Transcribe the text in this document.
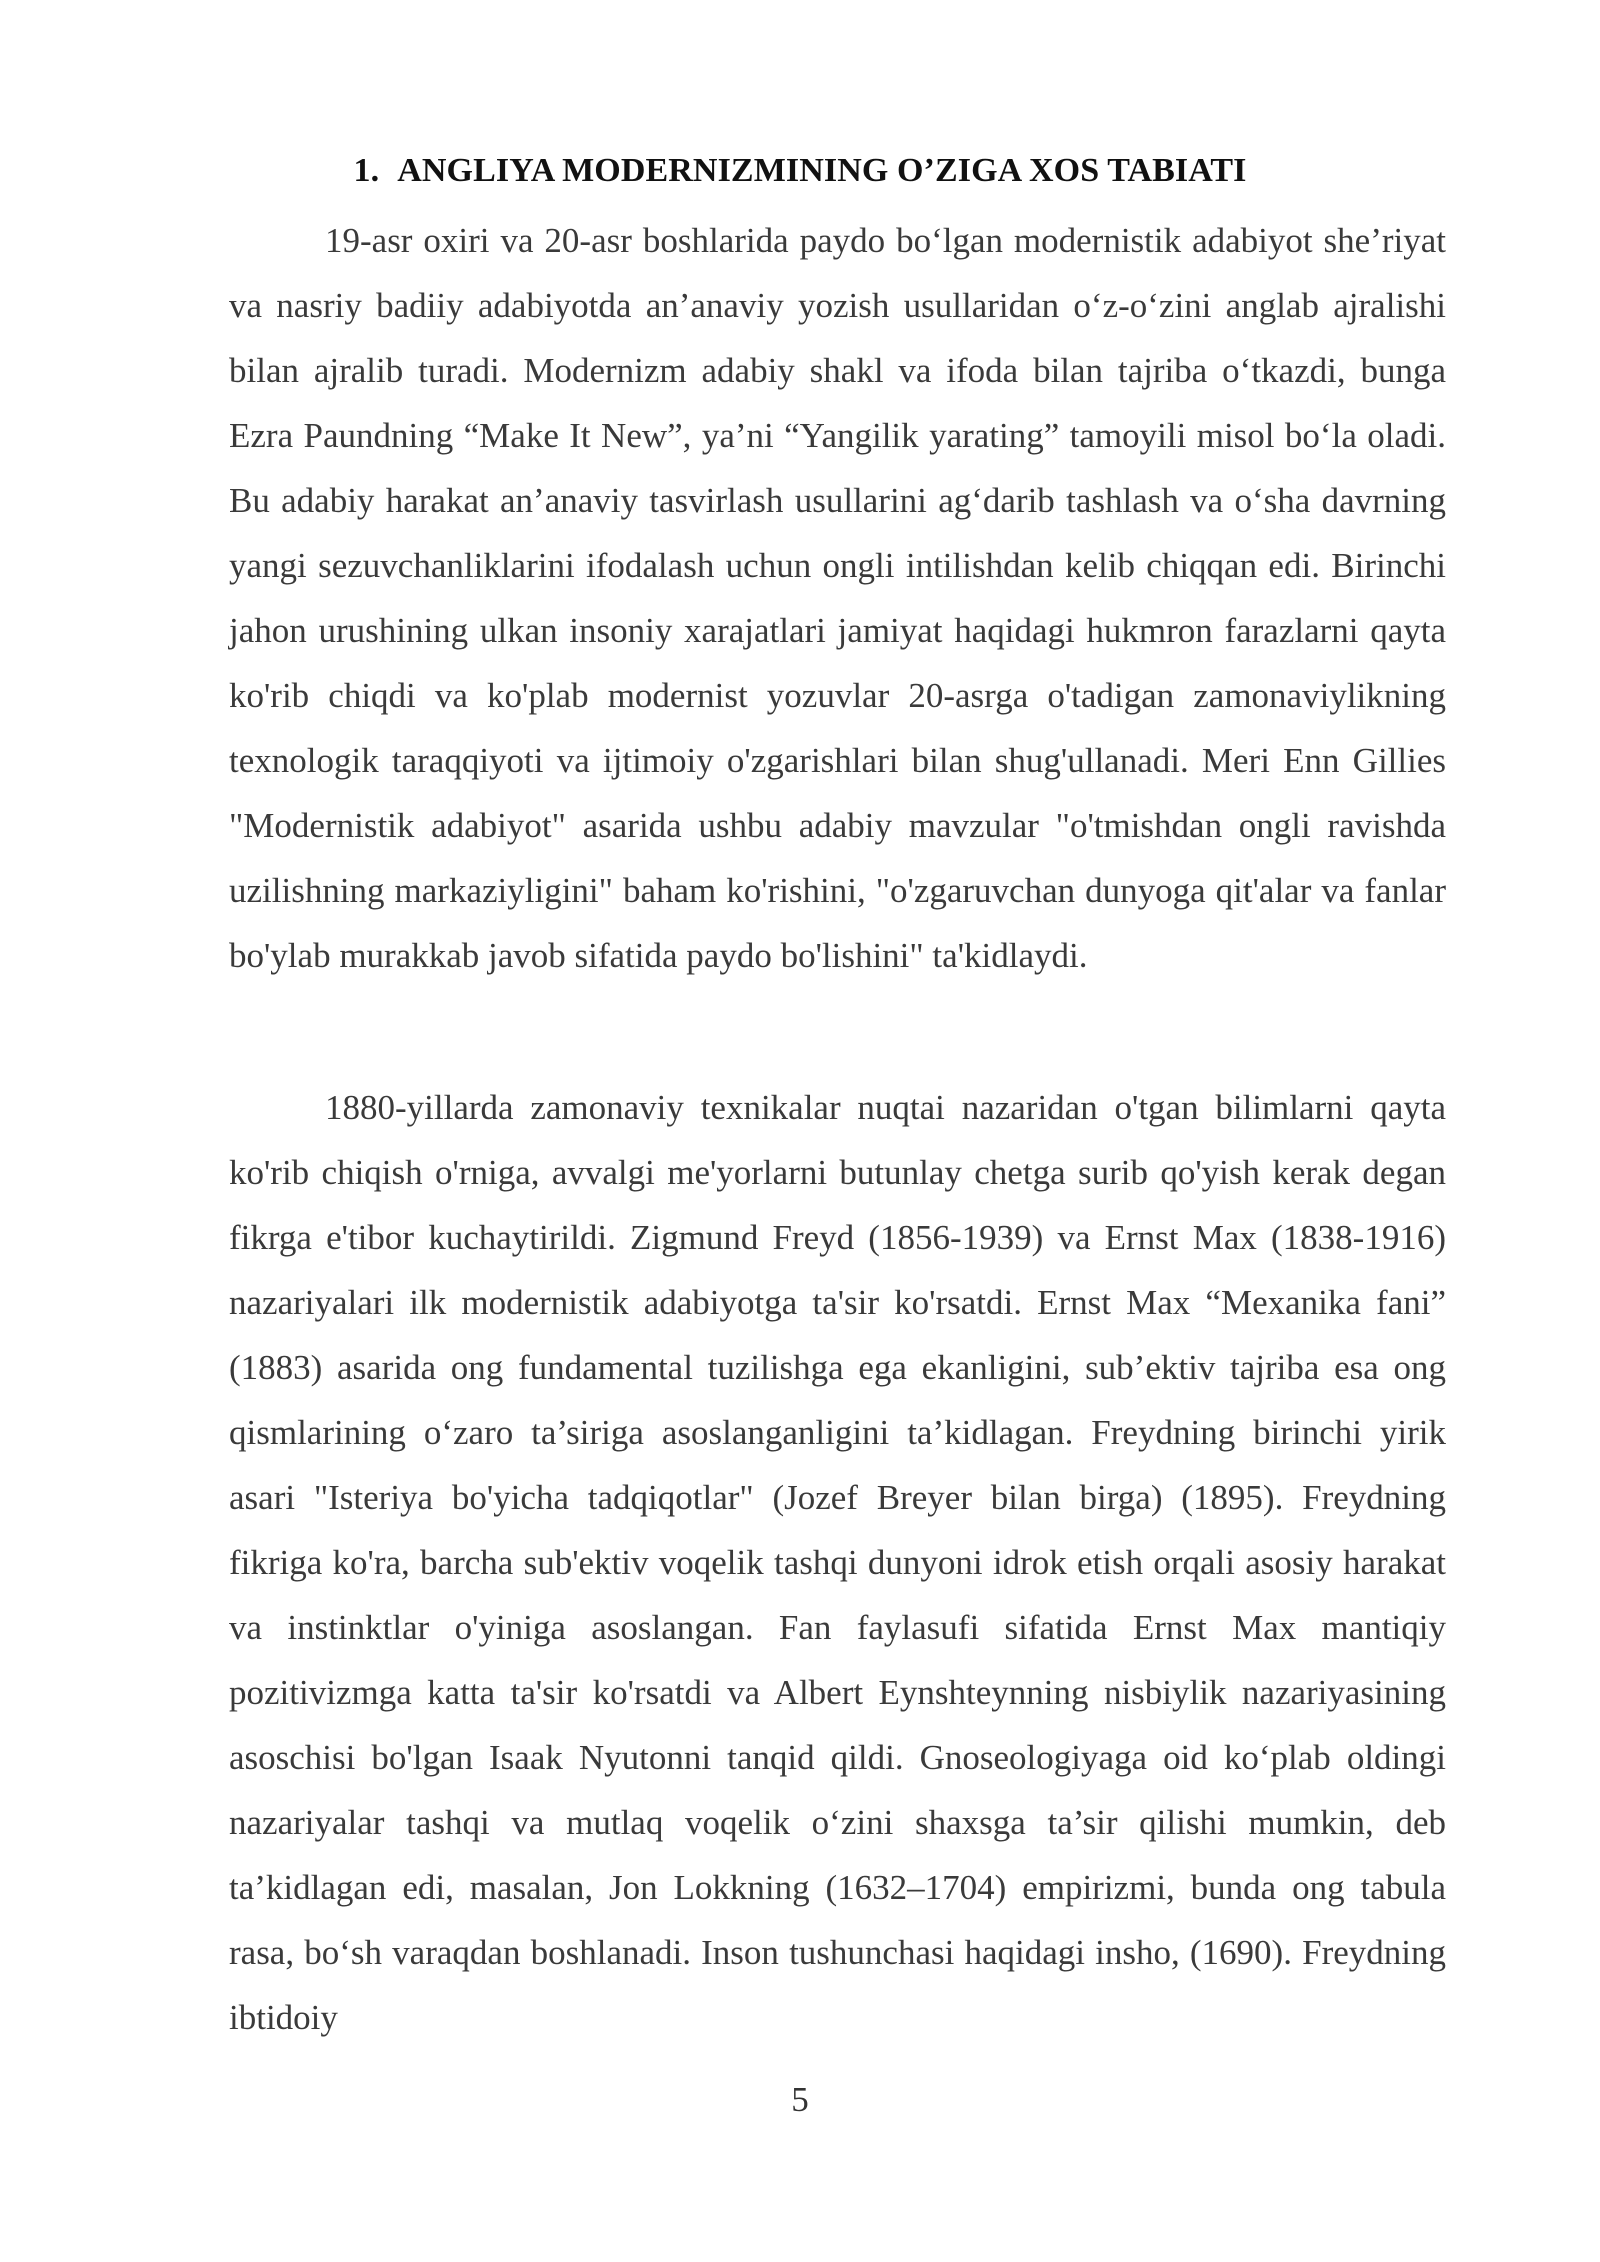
1. ANGLIYA MODERNIZMINING O’ZIGA XOS TABIATI

19-asr oxiri va 20-asr boshlarida paydo bo‘lgan modernistik adabiyot she’riyat va nasriy badiiy adabiyotda an’anaviy yozish usullaridan o‘z-o‘zini anglab ajralishi bilan ajralib turadi. Modernizm adabiy shakl va ifoda bilan tajriba o‘tkazdi, bunga Ezra Paundning “Make It New”, ya’ni “Yangilik yarating” tamoyili misol bo‘la oladi. Bu adabiy harakat an’anaviy tasvirlash usullarini ag‘darib tashlash va o‘sha davrning yangi sezuvchanliklarini ifodalash uchun ongli intilishdan kelib chiqqan edi. Birinchi jahon urushining ulkan insoniy xarajatlari jamiyat haqidagi hukmron farazlarni qayta ko'rib chiqdi va ko'plab modernist yozuvlar 20-asrga o'tadigan zamonaviylikning texnologik taraqqiyoti va ijtimoiy o'zgarishlari bilan shug'ullanadi. Meri Enn Gillies "Modernistik adabiyot" asarida ushbu adabiy mavzular "o'tmishdan ongli ravishda uzilishning markaziyligini" baham ko'rishini, "o'zgaruvchan dunyoga qit'alar va fanlar bo'ylab murakkab javob sifatida paydo bo'lishini" ta'kidlaydi.

1880-yillarda zamonaviy texnikalar nuqtai nazaridan o'tgan bilimlarni qayta ko'rib chiqish o'rniga, avvalgi me'yorlarni butunlay chetga surib qo'yish kerak degan fikrga e'tibor kuchaytirildi. Zigmund Freyd (1856-1939) va Ernst Max (1838-1916) nazariyalari ilk modernistik adabiyotga ta'sir ko'rsatdi. Ernst Max “Mexanika fani” (1883) asarida ong fundamental tuzilishga ega ekanligini, sub’ektiv tajriba esa ong qismlarining o‘zaro ta’siriga asoslanganligini ta’kidlagan. Freydning birinchi yirik asari "Isteriya bo'yicha tadqiqotlar" (Jozef Breyer bilan birga) (1895). Freydning fikriga ko'ra, barcha sub'ektiv voqelik tashqi dunyoni idrok etish orqali asosiy harakat va instinktlar o'yiniga asoslangan. Fan faylasufi sifatida Ernst Max mantiqiy pozitivizmga katta ta'sir ko'rsatdi va Albert Eynshteynning nisbiylik nazariyasining asoschisi bo'lgan Isaak Nyutonni tanqid qildi. Gnoseologiyaga oid ko‘plab oldingi nazariyalar tashqi va mutlaq voqelik o‘zini shaxsga ta’sir qilishi mumkin, deb ta’kidlagan edi, masalan, Jon Lokkning (1632–1704) empirizmi, bunda ong tabula rasa, bo‘sh varaqdan boshlanadi. Inson tushunchasi haqidagi insho, (1690). Freydning ibtidoiy

5
